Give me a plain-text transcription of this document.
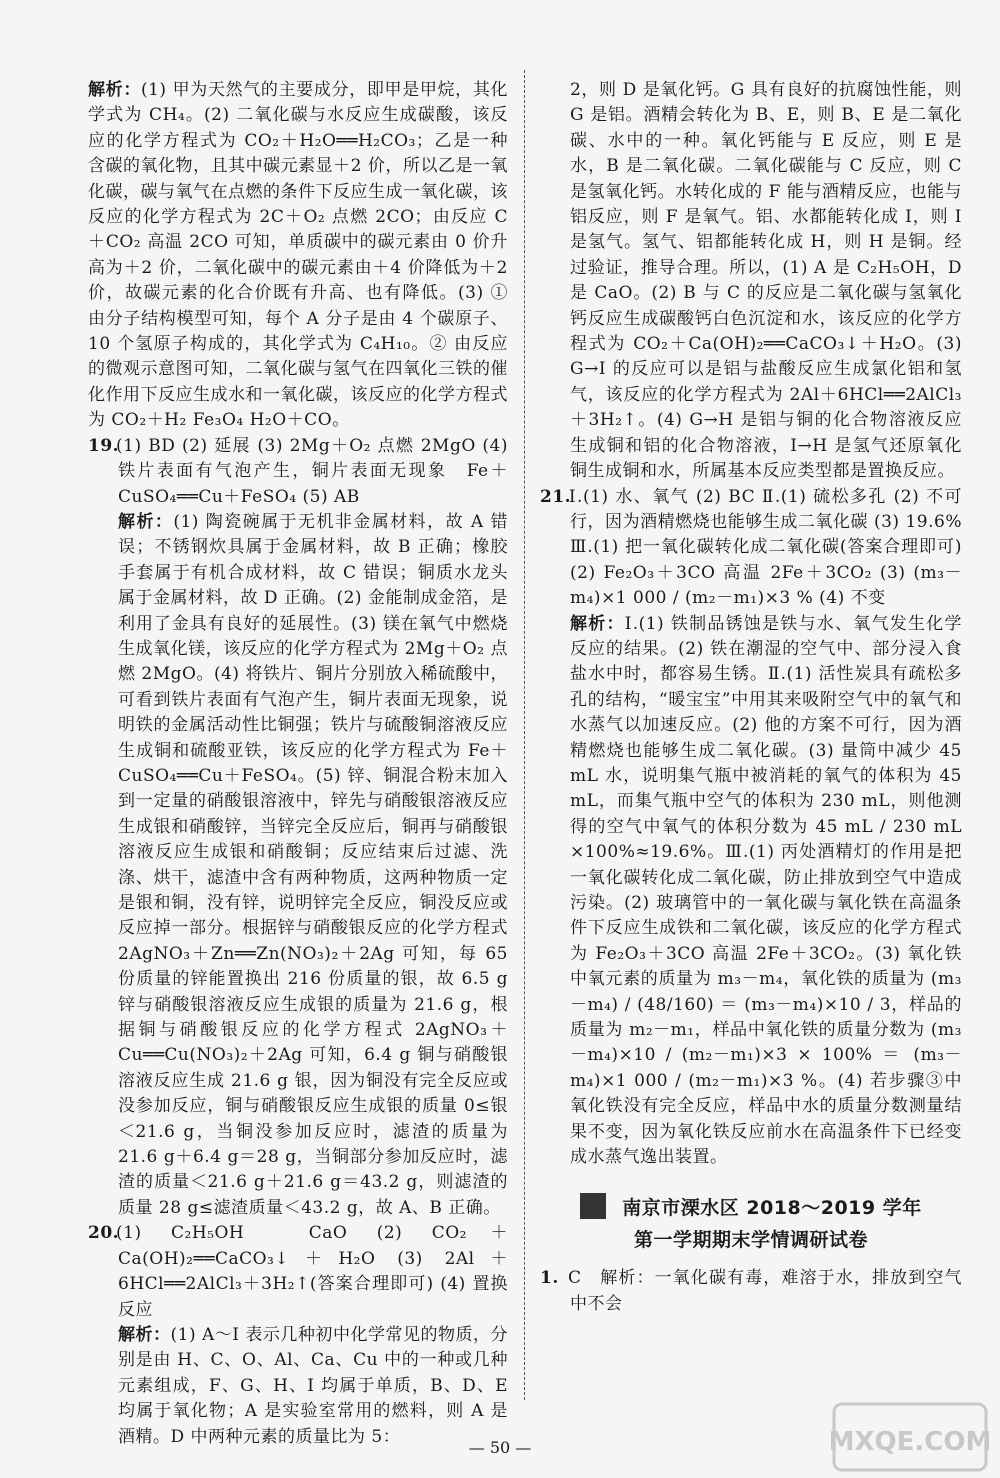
解析：(1) 甲为天然气的主要成分，即甲是甲烷，其化学式为 CH₄。(2) 二氧化碳与水反应生成碳酸，该反应的化学方程式为 CO₂＋H₂O══H₂CO₃；乙是一种含碳的氧化物，且其中碳元素显＋2 价，所以乙是一氧化碳，碳与氧气在点燃的条件下反应生成一氧化碳，该反应的化学方程式为 2C＋O₂ 点燃 2CO；由反应 C＋CO₂ 高温 2CO 可知，单质碳中的碳元素由 0 价升高为＋2 价，二氧化碳中的碳元素由＋4 价降低为＋2 价，故碳元素的化合价既有升高、也有降低。(3) ① 由分子结构模型可知，每个 A 分子是由 4 个碳原子、10 个氢原子构成的，其化学式为 C₄H₁₀。② 由反应的微观示意图可知，二氧化碳与氢气在四氧化三铁的催化作用下反应生成水和一氧化碳，该反应的化学方程式为 CO₂＋H₂ Fe₃O₄ H₂O＋CO。

19.(1) BD (2) 延展 (3) 2Mg＋O₂ 点燃 2MgO (4) 铁片表面有气泡产生，铜片表面无现象　Fe＋CuSO₄══Cu＋FeSO₄ (5) AB

解析：(1) 陶瓷碗属于无机非金属材料，故 A 错误；不锈钢炊具属于金属材料，故 B 正确；橡胶手套属于有机合成材料，故 C 错误；铜质水龙头属于金属材料，故 D 正确。(2) 金能制成金箔，是利用了金具有良好的延展性。(3) 镁在氧气中燃烧生成氧化镁，该反应的化学方程式为 2Mg＋O₂ 点燃 2MgO。(4) 将铁片、铜片分别放入稀硫酸中，可看到铁片表面有气泡产生，铜片表面无现象，说明铁的金属活动性比铜强；铁片与硫酸铜溶液反应生成铜和硫酸亚铁，该反应的化学方程式为 Fe＋CuSO₄══Cu＋FeSO₄。(5) 锌、铜混合粉末加入到一定量的硝酸银溶液中，锌先与硝酸银溶液反应生成银和硝酸锌，当锌完全反应后，铜再与硝酸银溶液反应生成银和硝酸铜；反应结束后过滤、洗涤、烘干，滤渣中含有两种物质，这两种物质一定是银和铜，没有锌，说明锌完全反应，铜没反应或反应掉一部分。根据锌与硝酸银反应的化学方程式 2AgNO₃＋Zn══Zn(NO₃)₂＋2Ag 可知，每 65 份质量的锌能置换出 216 份质量的银，故 6.5 g 锌与硝酸银溶液反应生成银的质量为 21.6 g，根据铜与硝酸银反应的化学方程式 2AgNO₃＋Cu══Cu(NO₃)₂＋2Ag 可知，6.4 g 铜与硝酸银溶液反应生成 21.6 g 银，因为铜没有完全反应或没参加反应，铜与硝酸银反应生成银的质量 0≤银＜21.6 g，当铜没参加反应时，滤渣的质量为 21.6 g＋6.4 g＝28 g，当铜部分参加反应时，滤渣的质量＜21.6 g＋21.6 g＝43.2 g，则滤渣的质量 28 g≤滤渣质量＜43.2 g，故 A、B 正确。

20.(1) C₂H₅OH　CaO (2) CO₂＋Ca(OH)₂══CaCO₃↓＋H₂O (3) 2Al＋6HCl══2AlCl₃＋3H₂↑(答案合理即可) (4) 置换反应

解析：(1) A～I 表示几种初中化学常见的物质，分别是由 H、C、O、Al、Ca、Cu 中的一种或几种元素组成，F、G、H、I 均属于单质，B、D、E 均属于氧化物；A 是实验室常用的燃料，则 A 是酒精。D 中两种元素的质量比为 5：

2，则 D 是氧化钙。G 具有良好的抗腐蚀性能，则 G 是铝。酒精会转化为 B、E，则 B、E 是二氧化碳、水中的一种。氧化钙能与 E 反应，则 E 是水，B 是二氧化碳。二氧化碳能与 C 反应，则 C 是氢氧化钙。水转化成的 F 能与酒精反应，也能与铝反应，则 F 是氧气。铝、水都能转化成 I，则 I 是氢气。氢气、铝都能转化成 H，则 H 是铜。经过验证，推导合理。所以，(1) A 是 C₂H₅OH，D 是 CaO。(2) B 与 C 的反应是二氧化碳与氢氧化钙反应生成碳酸钙白色沉淀和水，该反应的化学方程式为 CO₂＋Ca(OH)₂══CaCO₃↓＋H₂O。(3) G→I 的反应可以是铝与盐酸反应生成氯化铝和氢气，该反应的化学方程式为 2Al＋6HCl══2AlCl₃＋3H₂↑。(4) G→H 是铝与铜的化合物溶液反应生成铜和铝的化合物溶液，I→H 是氢气还原氧化铜生成铜和水，所属基本反应类型都是置换反应。

21.Ⅰ.(1) 水、氧气 (2) BC Ⅱ.(1) 硫松多孔 (2) 不可行，因为酒精燃烧也能够生成二氧化碳 (3) 19.6% Ⅲ.(1) 把一氧化碳转化成二氧化碳(答案合理即可) (2) Fe₂O₃＋3CO 高温 2Fe＋3CO₂ (3) (m₃－m₄)×1 000 / (m₂－m₁)×3 % (4) 不变

解析：Ⅰ.(1) 铁制品锈蚀是铁与水、氧气发生化学反应的结果。(2) 铁在潮湿的空气中、部分浸入食盐水中时，都容易生锈。Ⅱ.(1) 活性炭具有疏松多孔的结构，“暖宝宝”中用其来吸附空气中的氧气和水蒸气以加速反应。(2) 他的方案不可行，因为酒精燃烧也能够生成二氧化碳。(3) 量筒中减少 45 mL 水，说明集气瓶中被消耗的氧气的体积为 45 mL，而集气瓶中空气的体积为 230 mL，则他测得的空气中氧气的体积分数为 45 mL / 230 mL ×100%≈19.6%。Ⅲ.(1) 丙处酒精灯的作用是把一氧化碳转化成二氧化碳，防止排放到空气中造成污染。(2) 玻璃管中的一氧化碳与氧化铁在高温条件下反应生成铁和二氧化碳，该反应的化学方程式为 Fe₂O₃＋3CO 高温 2Fe＋3CO₂。(3) 氧化铁中氧元素的质量为 m₃－m₄，氧化铁的质量为 (m₃－m₄) / (48/160) ＝ (m₃－m₄)×10 / 3，样品的质量为 m₂－m₁，样品中氧化铁的质量分数为 (m₃－m₄)×10 / (m₂－m₁)×3 × 100% ＝ (m₃－m₄)×1 000 / (m₂－m₁)×3 %。(4) 若步骤③中氧化铁没有完全反应，样品中水的质量分数测量结果不变，因为氧化铁反应前水在高温条件下已经变成水蒸气逸出装置。

南京市溧水区 2018～2019 学年
第一学期期末学情调研试卷

1. C　解析：一氧化碳有毒，难溶于水，排放到空气中不会

— 50 —	MXQE.COM
